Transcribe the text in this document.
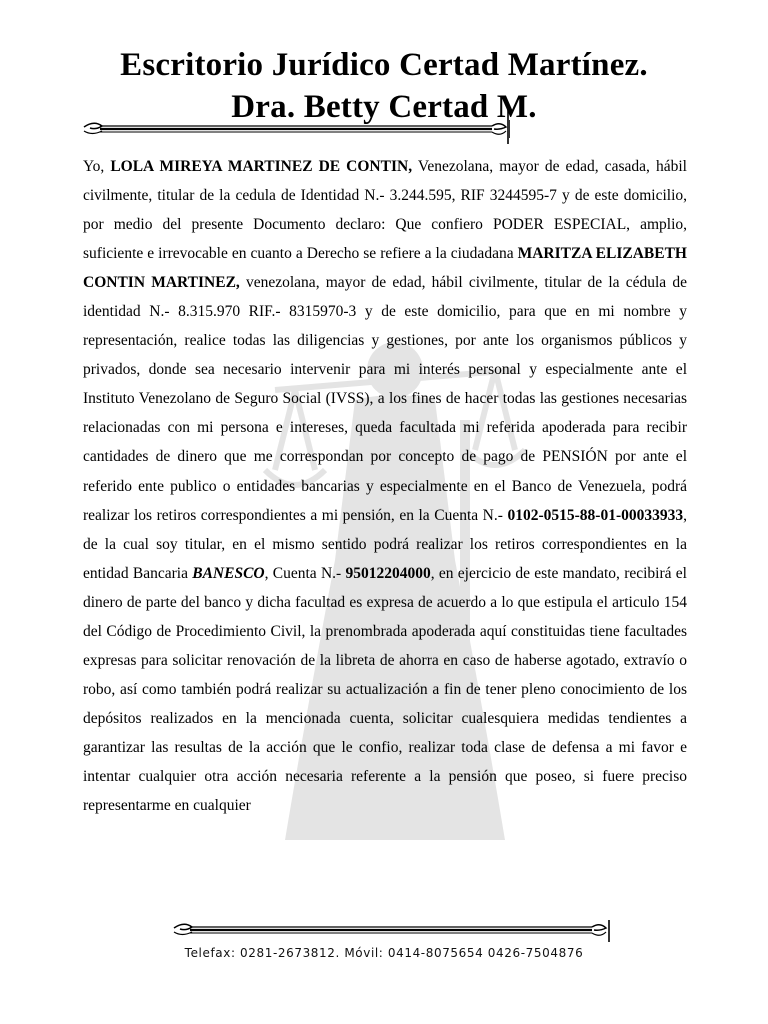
Escritorio Jurídico Certad Martínez.
Dra. Betty Certad M.

Yo, LOLA MIREYA MARTINEZ DE CONTIN, Venezolana, mayor de edad, casada, hábil civilmente, titular de la cedula de Identidad N.- 3.244.595, RIF 3244595-7 y de este domicilio, por medio del presente Documento declaro: Que confiero PODER ESPECIAL, amplio, suficiente e irrevocable en cuanto a Derecho se refiere a la ciudadana MARITZA ELIZABETH CONTIN MARTINEZ, venezolana, mayor de edad, hábil civilmente, titular de la cédula de identidad N.- 8.315.970 RIF.- 8315970-3 y de este domicilio, para que en mi nombre y representación, realice todas las diligencias y gestiones, por ante los organismos públicos y privados, donde sea necesario intervenir para mi interés personal y especialmente ante el Instituto Venezolano de Seguro Social (IVSS), a los fines de hacer todas las gestiones necesarias relacionadas con mi persona e intereses, queda facultada mi referida apoderada para recibir cantidades de dinero que me correspondan por concepto de pago de PENSIÓN por ante el referido ente publico o entidades bancarias y especialmente en el Banco de Venezuela, podrá realizar los retiros correspondientes a mi pensión, en la Cuenta N.- 0102-0515-88-01-00033933, de la cual soy titular, en el mismo sentido podrá realizar los retiros correspondientes en la entidad Bancaria BANESCO, Cuenta N.- 95012204000, en ejercicio de este mandato, recibirá el dinero de parte del banco y dicha facultad es expresa de acuerdo a lo que estipula el articulo 154 del Código de Procedimiento Civil, la prenombrada apoderada aquí constituidas tiene facultades expresas para solicitar renovación de la libreta de ahorra en caso de haberse agotado, extravío o robo, así como también podrá realizar su actualización a fin de tener pleno conocimiento de los depósitos realizados en la mencionada cuenta, solicitar cualesquiera medidas tendientes a garantizar las resultas de la acción que le confio, realizar toda clase de defensa a mi favor e intentar cualquier otra acción necesaria referente a la pensión que poseo, si fuere preciso representarme en cualquier

Telefax: 0281-2673812. Móvil: 0414-8075654 0426-7504876
